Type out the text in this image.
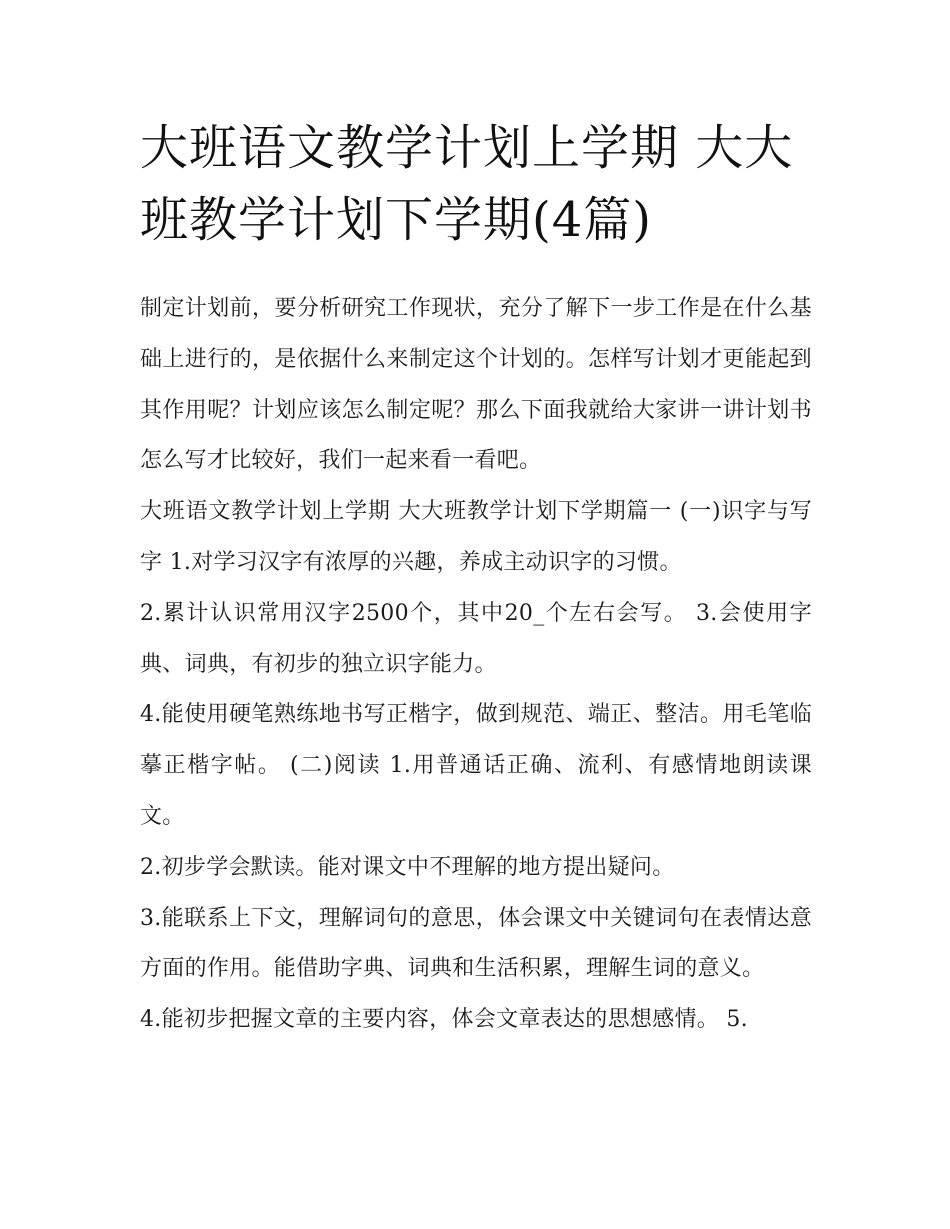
大班语文教学计划上学期 大大班教学计划下学期(4篇)

制定计划前，要分析研究工作现状，充分了解下一步工作是在什么基础上进行的，是依据什么来制定这个计划的。怎样写计划才更能起到其作用呢？计划应该怎么制定呢？那么下面我就给大家讲一讲计划书怎么写才比较好，我们一起来看一看吧。

大班语文教学计划上学期 大大班教学计划下学期篇一 (一)识字与写字 1.对学习汉字有浓厚的兴趣，养成主动识字的习惯。

2.累计认识常用汉字2500个，其中20_个左右会写。 3.会使用字典、词典，有初步的独立识字能力。

4.能使用硬笔熟练地书写正楷字，做到规范、端正、整洁。用毛笔临摹正楷字帖。 (二)阅读 1.用普通话正确、流利、有感情地朗读课文。

2.初步学会默读。能对课文中不理解的地方提出疑问。

3.能联系上下文，理解词句的意思，体会课文中关键词句在表情达意方面的作用。能借助字典、词典和生活积累，理解生词的意义。

4.能初步把握文章的主要内容，体会文章表达的思想感情。 5.
